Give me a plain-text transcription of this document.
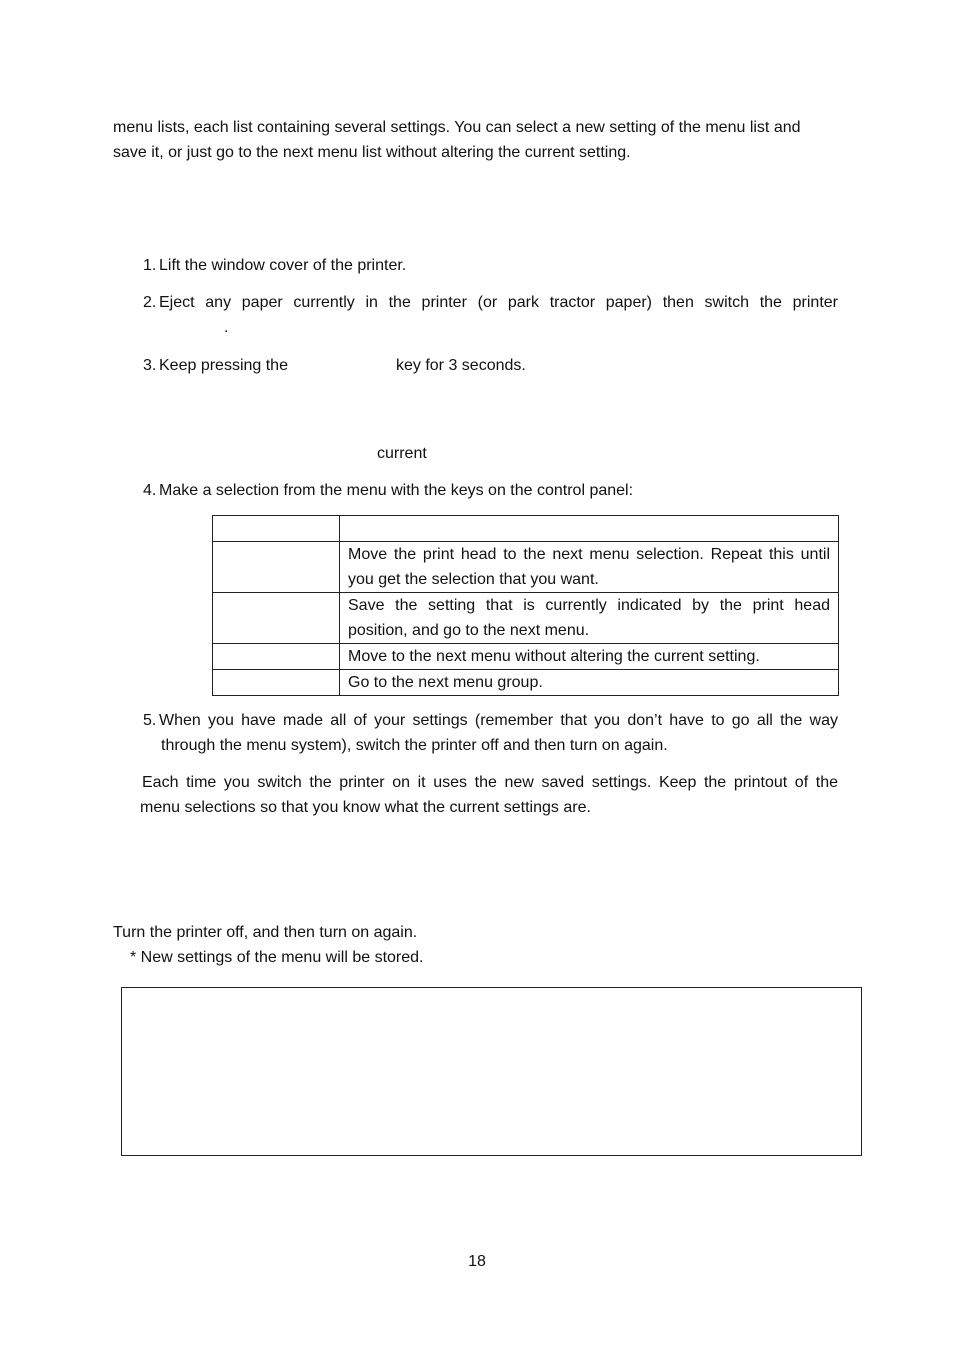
menu lists, each list containing several settings. You can select a new setting of the menu list and
save it, or just go to the next menu list without altering the current setting.
1. Lift the window cover of the printer.
2. Eject any paper currently in the printer (or park tractor paper) then switch the printer
.
3. Keep pressing the	key for 3 seconds.
current
4. Make a selection from the menu with the keys on the control panel:

	Move the print head to the next menu selection. Repeat this until you get the selection that you want.
	Save the setting that is currently indicated by the print head position, and go to the next menu.
	Move to the next menu without altering the current setting.
	Go to the next menu group.
5. When you have made all of your settings (remember that you don’t have to go all the way
through the menu system), switch the printer off and then turn on again.
Each time you switch the printer on it uses the new saved settings. Keep the printout of the
menu selections so that you know what the current settings are.
Turn the printer off, and then turn on again.
* New settings of the menu will be stored.
18
